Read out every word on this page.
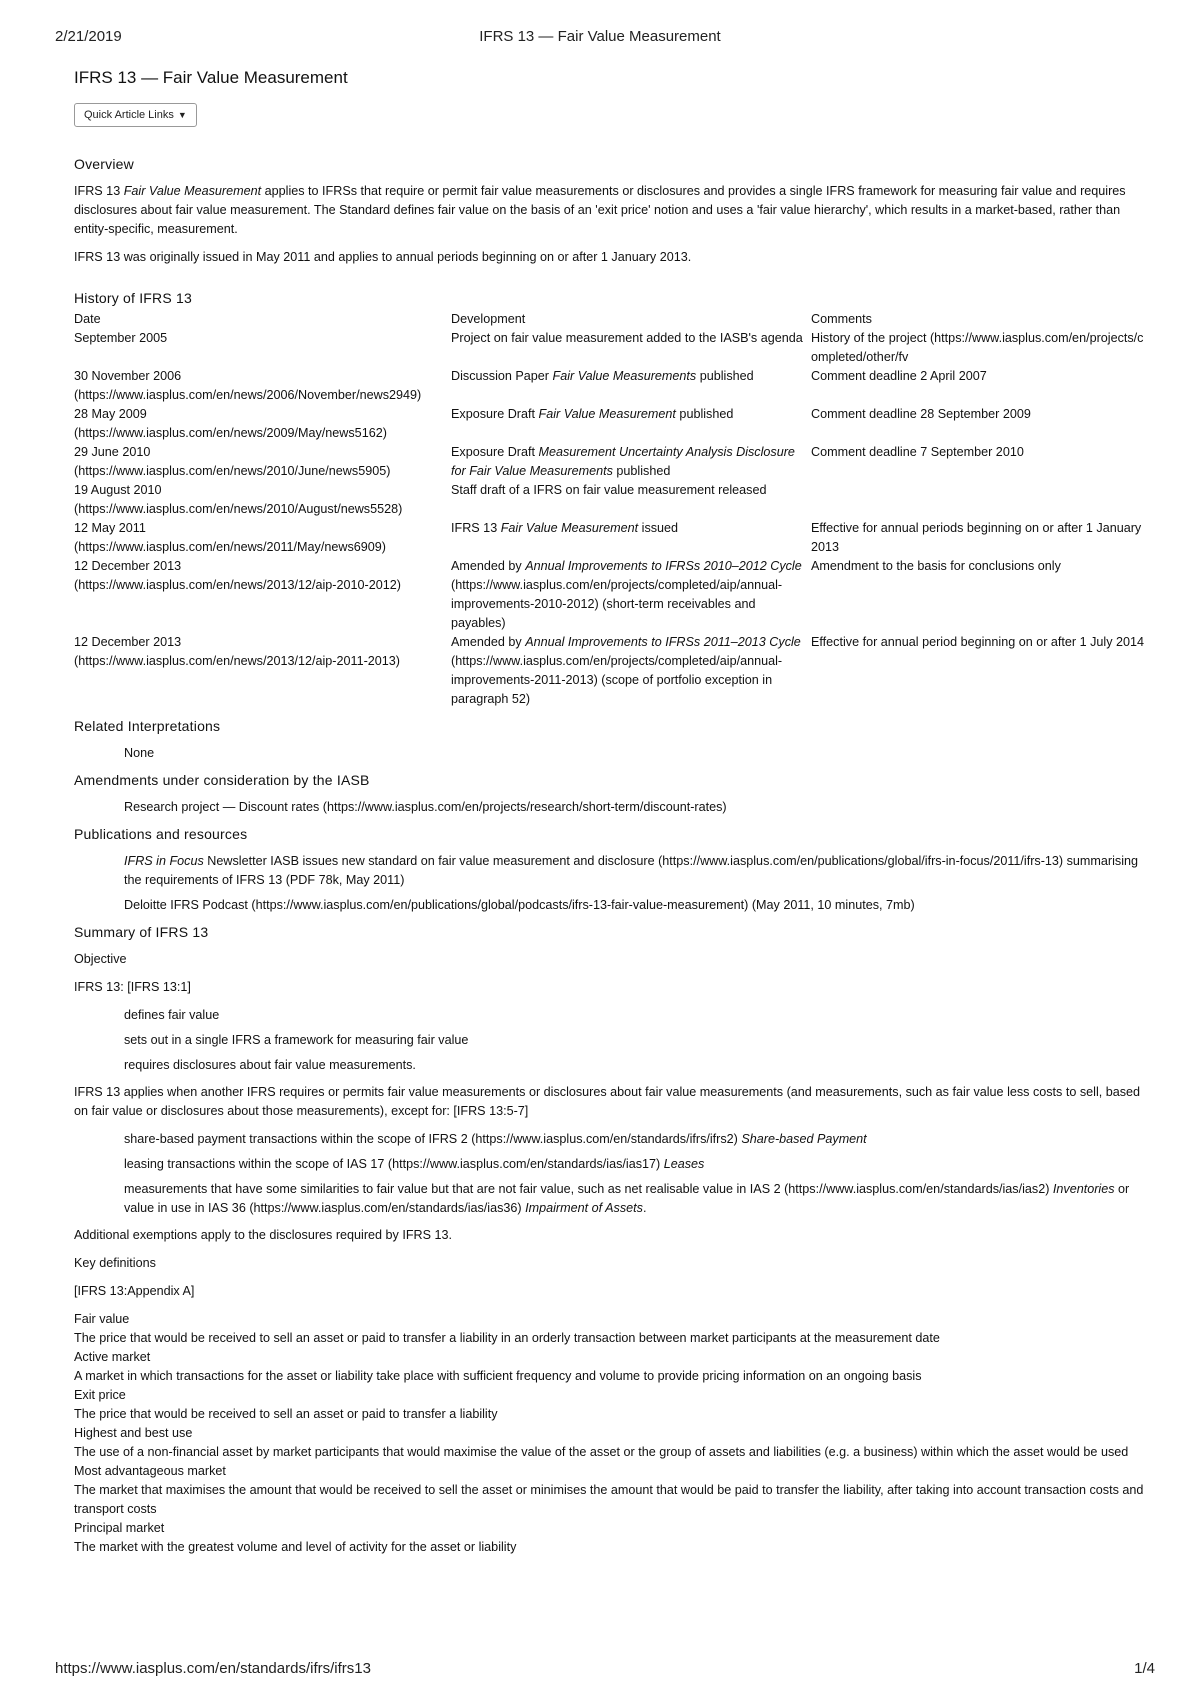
2/21/2019	IFRS 13 — Fair Value Measurement
IFRS 13 — Fair Value Measurement
Quick Article Links ▼
Overview

IFRS 13 Fair Value Measurement applies to IFRSs that require or permit fair value measurements or disclosures and provides a single IFRS framework for measuring fair value and requires disclosures about fair value measurement. The Standard defines fair value on the basis of an 'exit price' notion and uses a 'fair value hierarchy', which results in a market-based, rather than entity-specific, measurement.

IFRS 13 was originally issued in May 2011 and applies to annual periods beginning on or after 1 January 2013.

History of IFRS 13
Date	Development	Comments
September 2005	Project on fair value measurement added to the IASB's agenda	History of the project (https://www.iasplus.com/en/projects/completed/other/fv

30 November 2006
(https://www.iasplus.com/en/news/2006/November/news2949)	Discussion Paper Fair Value Measurements published	Comment deadline 2 April 2007
28 May 2009
(https://www.iasplus.com/en/news/2009/May/news5162)	Exposure Draft Fair Value Measurement published	Comment deadline 28 September 2009
29 June 2010
(https://www.iasplus.com/en/news/2010/June/news5905)	Exposure Draft Measurement Uncertainty Analysis Disclosure for Fair Value Measurements published	Comment deadline 7 September 2010
19 August 2010
(https://www.iasplus.com/en/news/2010/August/news5528)	Staff draft of a IFRS on fair value measurement released	
12 May 2011
(https://www.iasplus.com/en/news/2011/May/news6909)	IFRS 13 Fair Value Measurement issued	Effective for annual periods beginning on or after 1 January 2013
12 December 2013
(https://www.iasplus.com/en/news/2013/12/aip-2010-2012)	Amended by Annual Improvements to IFRSs 2010–2012 Cycle (https://www.iasplus.com/en/projects/completed/aip/annual-improvements-2010-2012) (short-term receivables and payables)	Amendment to the basis for conclusions only
12 December 2013
(https://www.iasplus.com/en/news/2013/12/aip-2011-2013)	Amended by Annual Improvements to IFRSs 2011–2013 Cycle (https://www.iasplus.com/en/projects/completed/aip/annual-improvements-2011-2013) (scope of portfolio exception in paragraph 52)	Effective for annual period beginning on or after 1 July 2014
Related Interpretations

None

Amendments under consideration by the IASB

Research project — Discount rates (https://www.iasplus.com/en/projects/research/short-term/discount-rates)

Publications and resources

IFRS in Focus Newsletter IASB issues new standard on fair value measurement and disclosure (https://www.iasplus.com/en/publications/global/ifrs-in-focus/2011/ifrs-13) summarising the requirements of IFRS 13 (PDF 78k, May 2011)

Deloitte IFRS Podcast (https://www.iasplus.com/en/publications/global/podcasts/ifrs-13-fair-value-measurement) (May 2011, 10 minutes, 7mb)

Summary of IFRS 13

Objective

IFRS 13: [IFRS 13:1]

defines fair value

sets out in a single IFRS a framework for measuring fair value

requires disclosures about fair value measurements.

IFRS 13 applies when another IFRS requires or permits fair value measurements or disclosures about fair value measurements (and measurements, such as fair value less costs to sell, based on fair value or disclosures about those measurements), except for: [IFRS 13:5-7]

share-based payment transactions within the scope of IFRS 2 (https://www.iasplus.com/en/standards/ifrs/ifrs2) Share-based Payment

leasing transactions within the scope of IAS 17 (https://www.iasplus.com/en/standards/ias/ias17) Leases

measurements that have some similarities to fair value but that are not fair value, such as net realisable value in IAS 2 (https://www.iasplus.com/en/standards/ias/ias2) Inventories or value in use in IAS 36 (https://www.iasplus.com/en/standards/ias/ias36) Impairment of Assets.

Additional exemptions apply to the disclosures required by IFRS 13.

Key definitions

[IFRS 13:Appendix A]

Fair value

The price that would be received to sell an asset or paid to transfer a liability in an orderly transaction between market participants at the measurement date

Active market

A market in which transactions for the asset or liability take place with sufficient frequency and volume to provide pricing information on an ongoing basis

Exit price

The price that would be received to sell an asset or paid to transfer a liability

Highest and best use

The use of a non-financial asset by market participants that would maximise the value of the asset or the group of assets and liabilities (e.g. a business) within which the asset would be used

Most advantageous market

The market that maximises the amount that would be received to sell the asset or minimises the amount that would be paid to transfer the liability, after taking into account transaction costs and transport costs

Principal market

The market with the greatest volume and level of activity for the asset or liability

https://www.iasplus.com/en/standards/ifrs/ifrs13	1/4
